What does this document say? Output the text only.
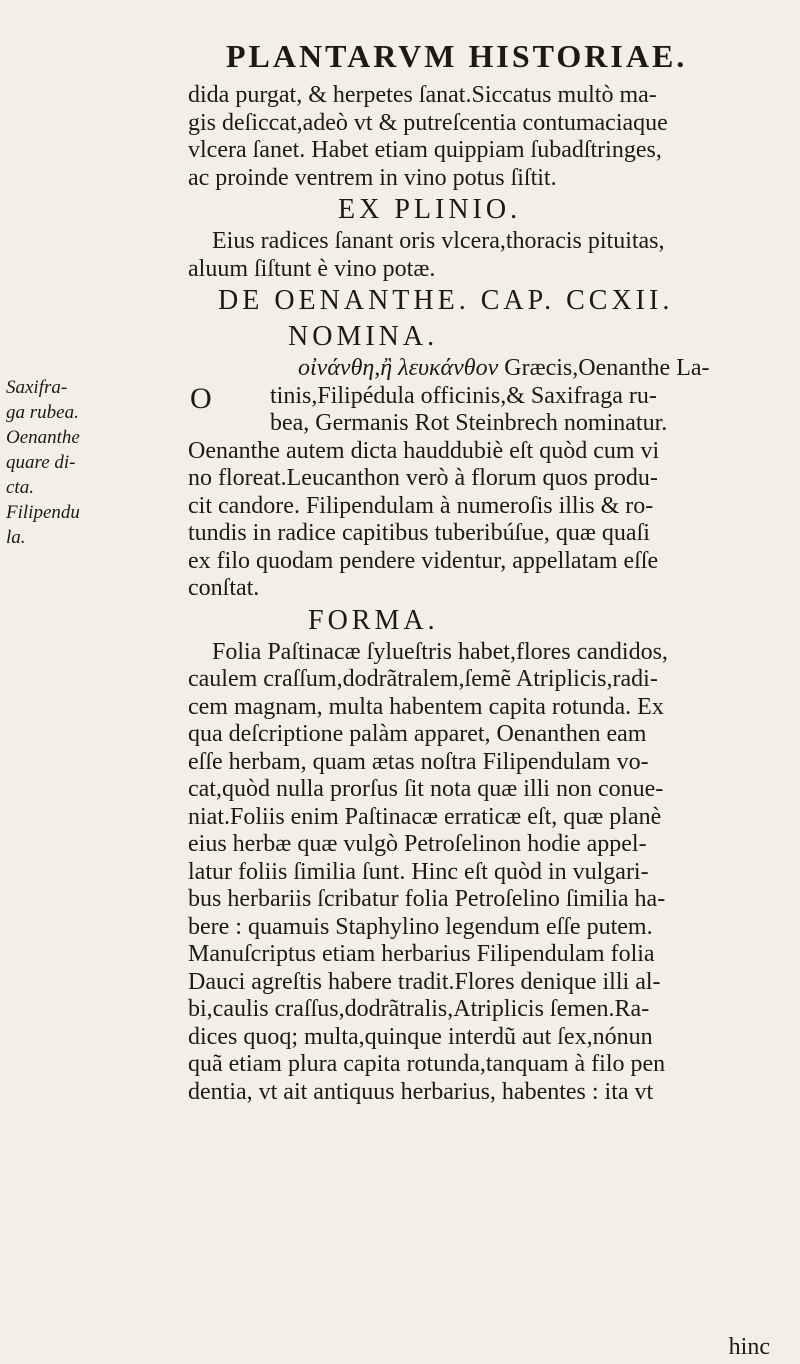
PLANTARVM HISTORIAE.
dida purgat, & herpetes ſanat.Siccatus multò ma-
gis deſiccat,adeò vt & putreſcentia contumaciaque
vlcera ſanet. Habet etiam quippiam ſubadſtringes,
ac proinde ventrem in vino potus ſiſtit.
EX PLINIO.
Eius radices ſanant oris vlcera,thoracis pituitas,
aluum ſiſtunt è vino potæ.
DE OENANTHE. CAP. CCXII.
NOMINA.
οἰνάνθη,ἢ λευκάνθον Græcis,Oenanthe La-
tinis,Filipédula officinis,& Saxifraga ru-
bea, Germanis Rot Steinbrech nominatur.
Oenanthe autem dicta hauddubiè eſt quòd cum vi
no floreat.Leucanthon verò à florum quos produ-
cit candore. Filipendulam à numeroſis illis & ro-
tundis in radice capitibus tuberibúſue, quæ quaſi
ex filo quodam pendere videntur, appellatam eſſe
conſtat.
FORMA.
Folia Paſtinacæ ſylueſtris habet,flores candidos,
caulem craſſum,dodrãtralem,ſemẽ Atriplicis,radi-
cem magnam, multa habentem capita rotunda. Ex
qua deſcriptione palàm apparet, Oenanthen eam
eſſe herbam, quam ætas noſtra Filipendulam vo-
cat,quòd nulla prorſus ſit nota quæ illi non conue-
niat.Foliis enim Paſtinacæ erraticæ eſt, quæ planè
eius herbæ quæ vulgò Petroſelinon hodie appel-
latur foliis ſimilia ſunt. Hinc eſt quòd in vulgari-
bus herbariis ſcribatur folia Petroſelino ſimilia ha-
bere : quamuis Staphylino legendum eſſe putem.
Manuſcriptus etiam herbarius Filipendulam folia
Dauci agreſtis habere tradit.Flores denique illi al-
bi,caulis craſſus,dodrãtralis,Atriplicis ſemen.Ra-
dices quoq; multa,quinque interdũ aut ſex,nónun
quã etiam plura capita rotunda,tanquam à filo pen
dentia, vt ait antiquus herbarius, habentes : ita vt
O
Saxifra-
ga rubea.
Oenanthe
quare di-
cta.
Filipendu
la.
hinc
